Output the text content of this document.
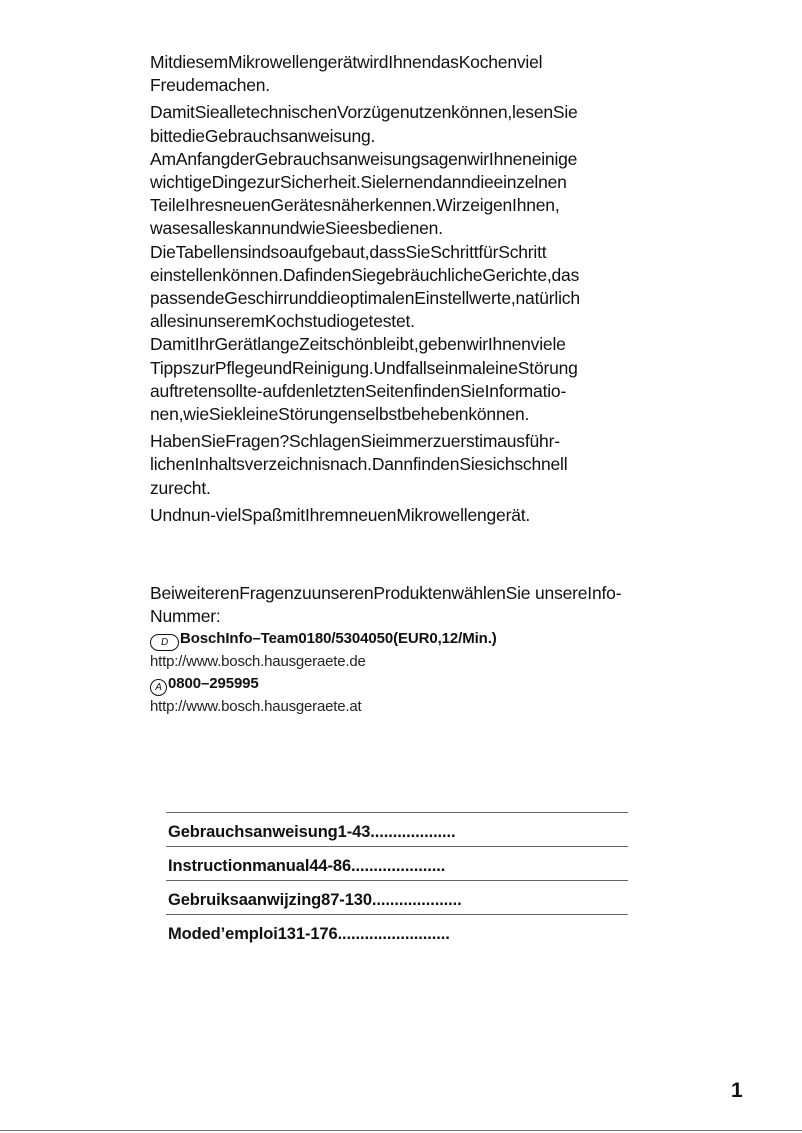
MitdiesemMikrowellengerätwirdIhnendasKochenviel Freudemachen.

DamitSiealletechnischenVorzügenutzenkönnen,lesenSie bittedieGebrauchsanweisung.

AmAnfangderGebrauchsanweisungsagenwirIhneneinige wichtigeDingezurSicherheit.Sielernendanndieeinzelnen TeileIhresneuenGerätesnäherkennen.WirzeigenIhnen, wasesalleskannundwieSieesbedienen.

DieTabellensindsoaufgebaut,dassSieSchrittfürSchritt einstellenkönnen.DafindenSiegebräuchlicheGerichte,das passendeGeschirrunddieoptimalenEinstellwerte,natürlich allesinunseremKochstudiogetestet.

DamitIhrGerätlangeZeitschönbleibt,gebenwirIhnenviele TippszurPflegeundReinigung.UndfallseinmaleineStörung auftretensollte-aufdenletztenSeitenfindenSieInformatio- nen,wieSiekleineStörungenselbstbehebenkönnen.

HabenSieFragen?SchlagenSieimmerzuerstimausführ- lichenInhaltsverzeichnisnach.DannfindenSiesichschnell zurecht.

Undnun-vielSpaßmitIhremneuenMikrowellengerät.

BeiweiterenFragenzuunserenProduktenwählenSie unsereInfo-Nummer:

D BoschInfo–Team0180/5304050(EUR0,12/Min.)

http://www.bosch.hausgeraete.de

A 0800–295995

http://www.bosch.hausgeraete.at

Gebrauchsanweisung1-43...................
Instructionmanual44-86.....................
Gebruiksaanwijzing87-130....................
Moded’emploi131-176.........................
1
